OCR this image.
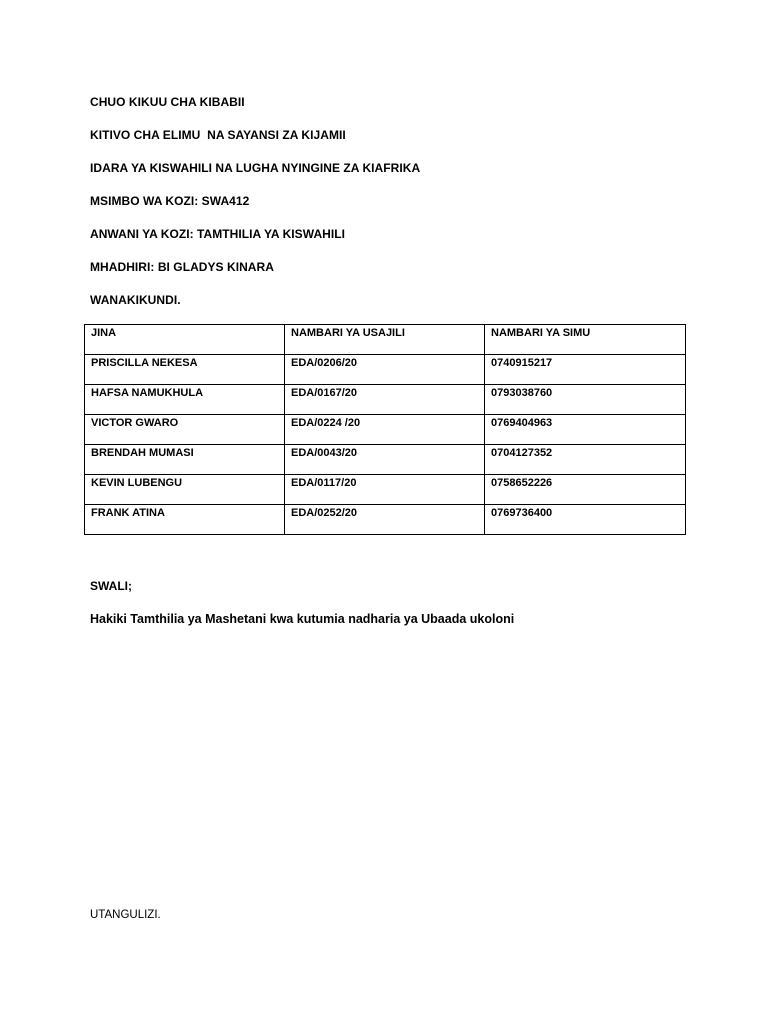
CHUO KIKUU CHA KIBABII
KITIVO CHA ELIMU  NA SAYANSI ZA KIJAMII
IDARA YA KISWAHILI NA LUGHA NYINGINE ZA KIAFRIKA
MSIMBO WA KOZI: SWA412
ANWANI YA KOZI: TAMTHILIA YA KISWAHILI
MHADHIRI: BI GLADYS KINARA
WANAKIKUNDI.
JINA	NAMBARI YA USAJILI	NAMBARI YA SIMU
PRISCILLA NEKESA	EDA/0206/20	0740915217
HAFSA NAMUKHULA	EDA/0167/20	0793038760
VICTOR GWARO	EDA/0224 /20	0769404963
BRENDAH MUMASI	EDA/0043/20	0704127352
KEVIN LUBENGU	EDA/0117/20	0758652226
FRANK ATINA	EDA/0252/20	0769736400
SWALI;
Hakiki Tamthilia ya Mashetani kwa kutumia nadharia ya Ubaada ukoloni
UTANGULIZI.
